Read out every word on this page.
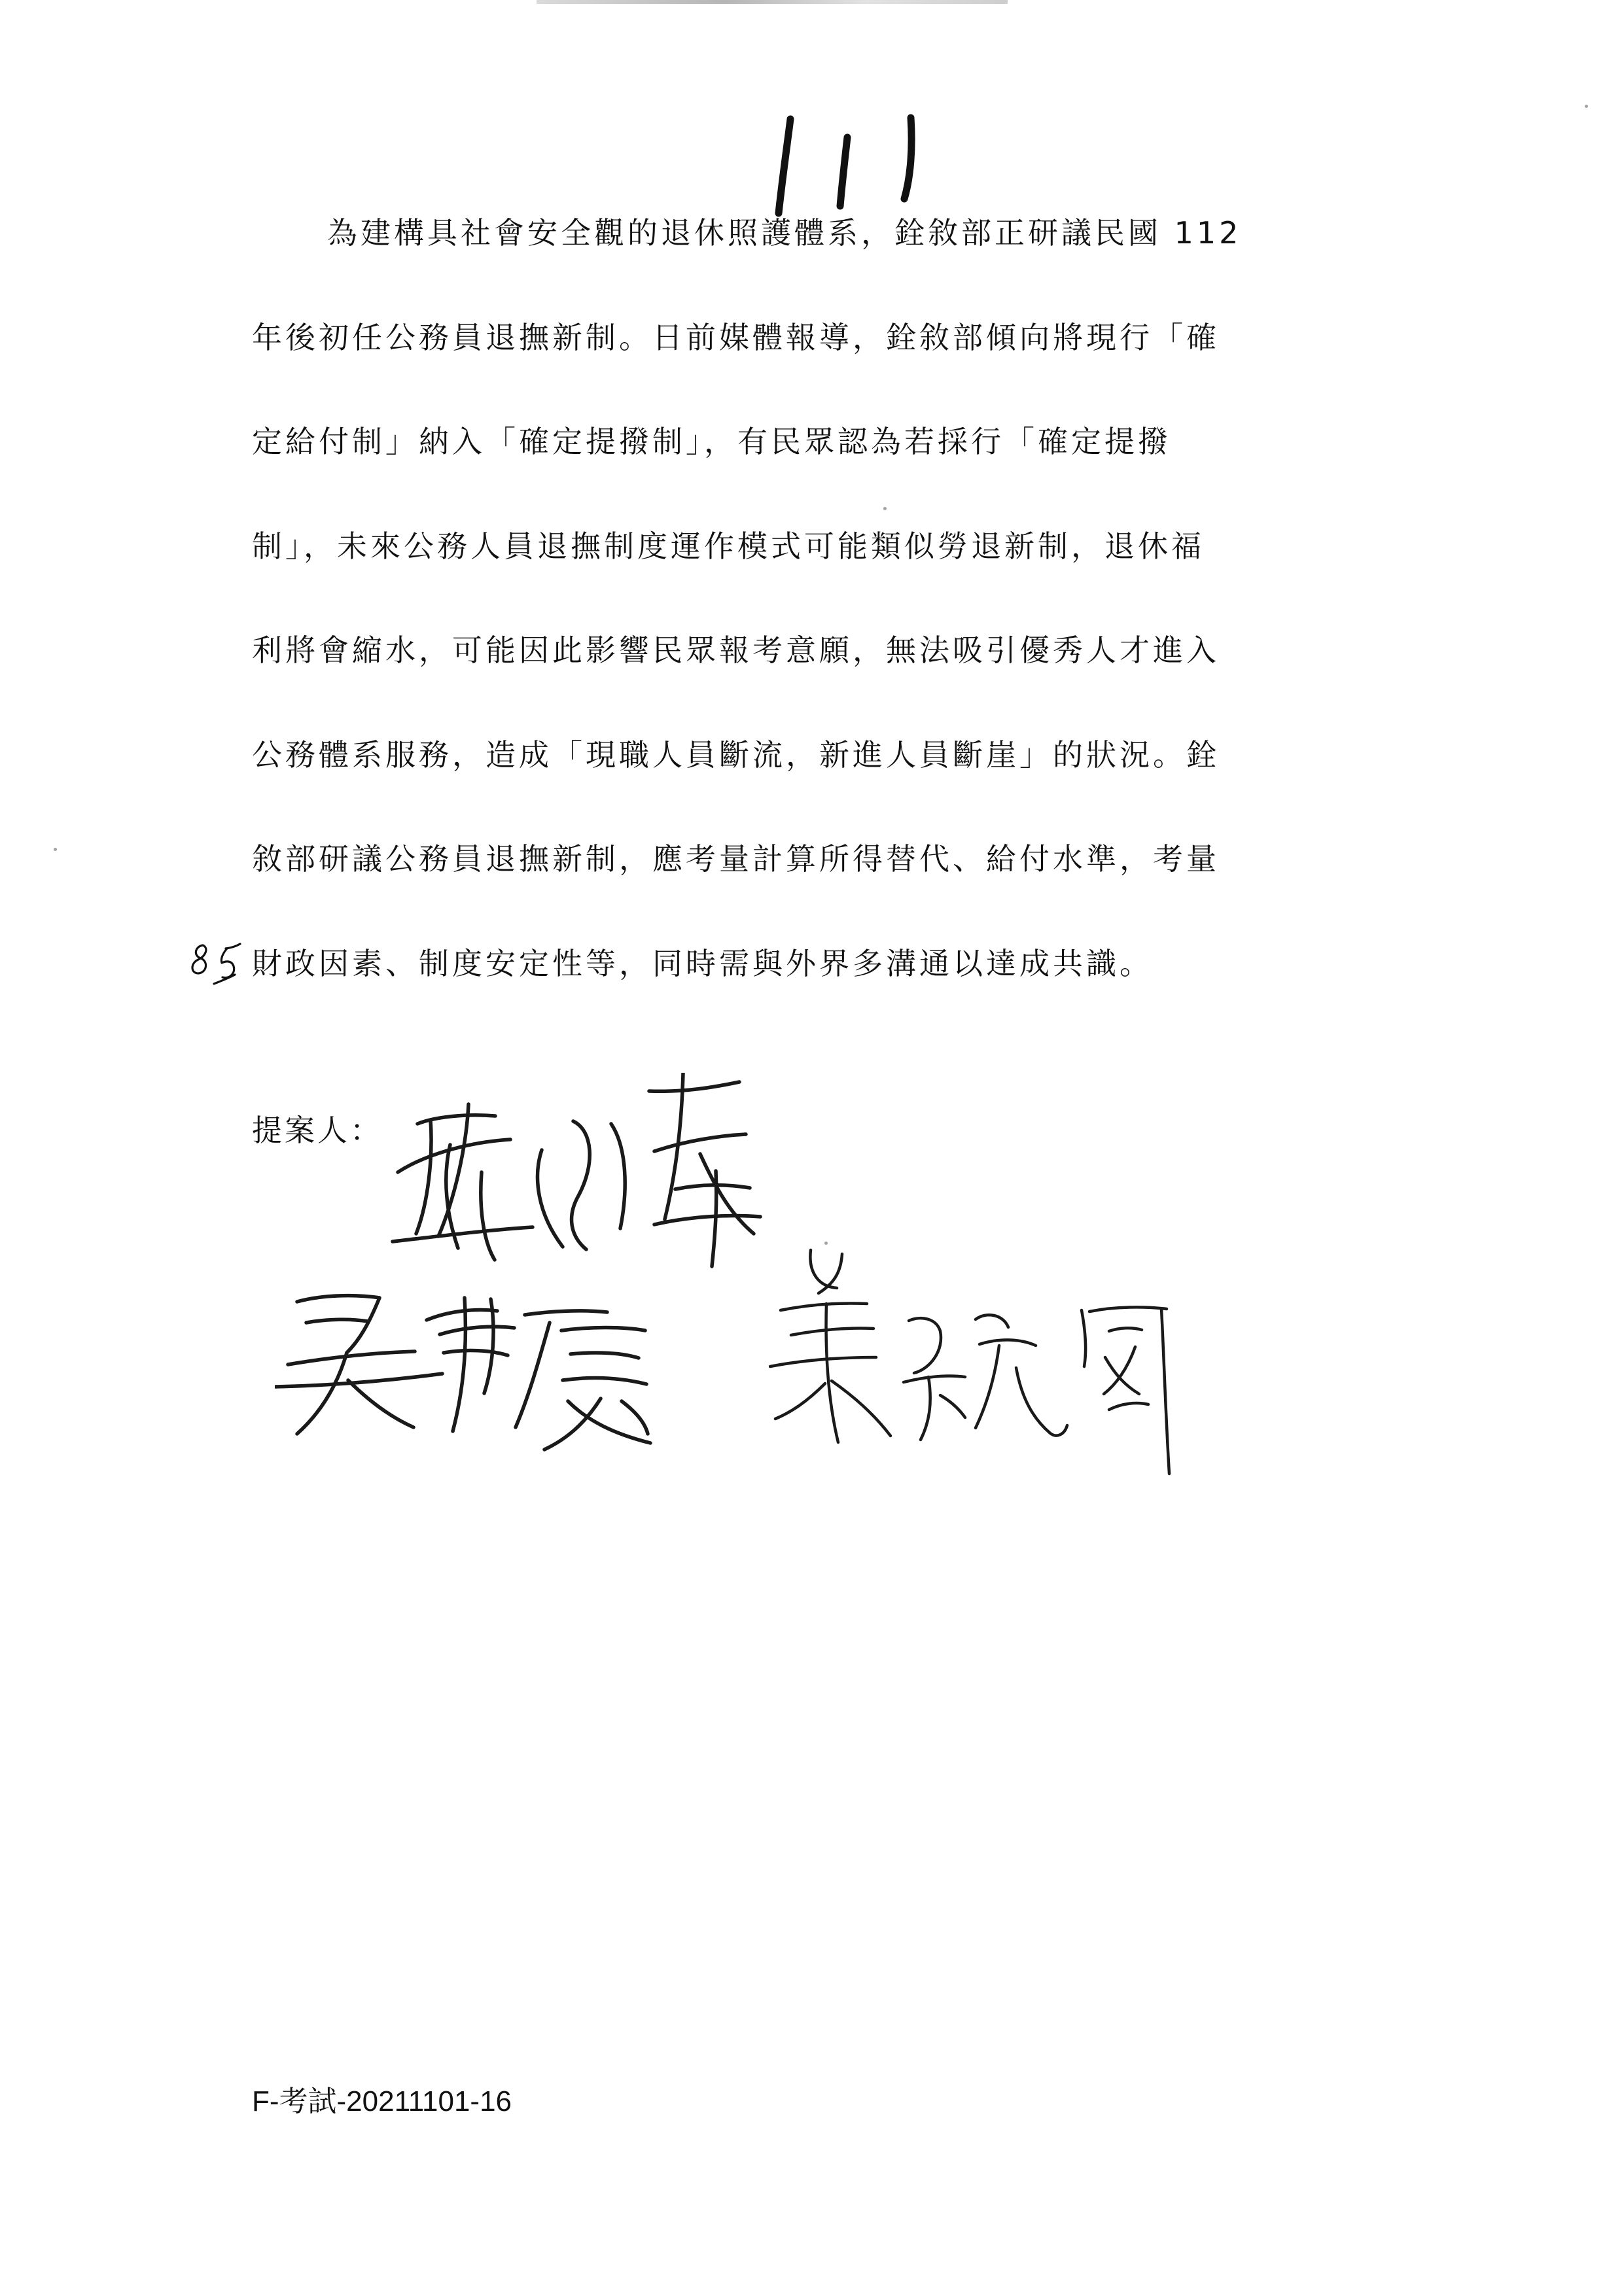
為建構具社會安全觀的退休照護體系，銓敘部正研議民國 112

年後初任公務員退撫新制。日前媒體報導，銓敘部傾向將現行「確

定給付制」納入「確定提撥制」，有民眾認為若採行「確定提撥

制」，未來公務人員退撫制度運作模式可能類似勞退新制，退休福

利將會縮水，可能因此影響民眾報考意願，無法吸引優秀人才進入

公務體系服務，造成「現職人員斷流，新進人員斷崖」的狀況。銓

敘部研議公務員退撫新制，應考量計算所得替代、給付水準，考量

財政因素、制度安定性等，同時需與外界多溝通以達成共識。

提案人：
F-考試-20211101-16
